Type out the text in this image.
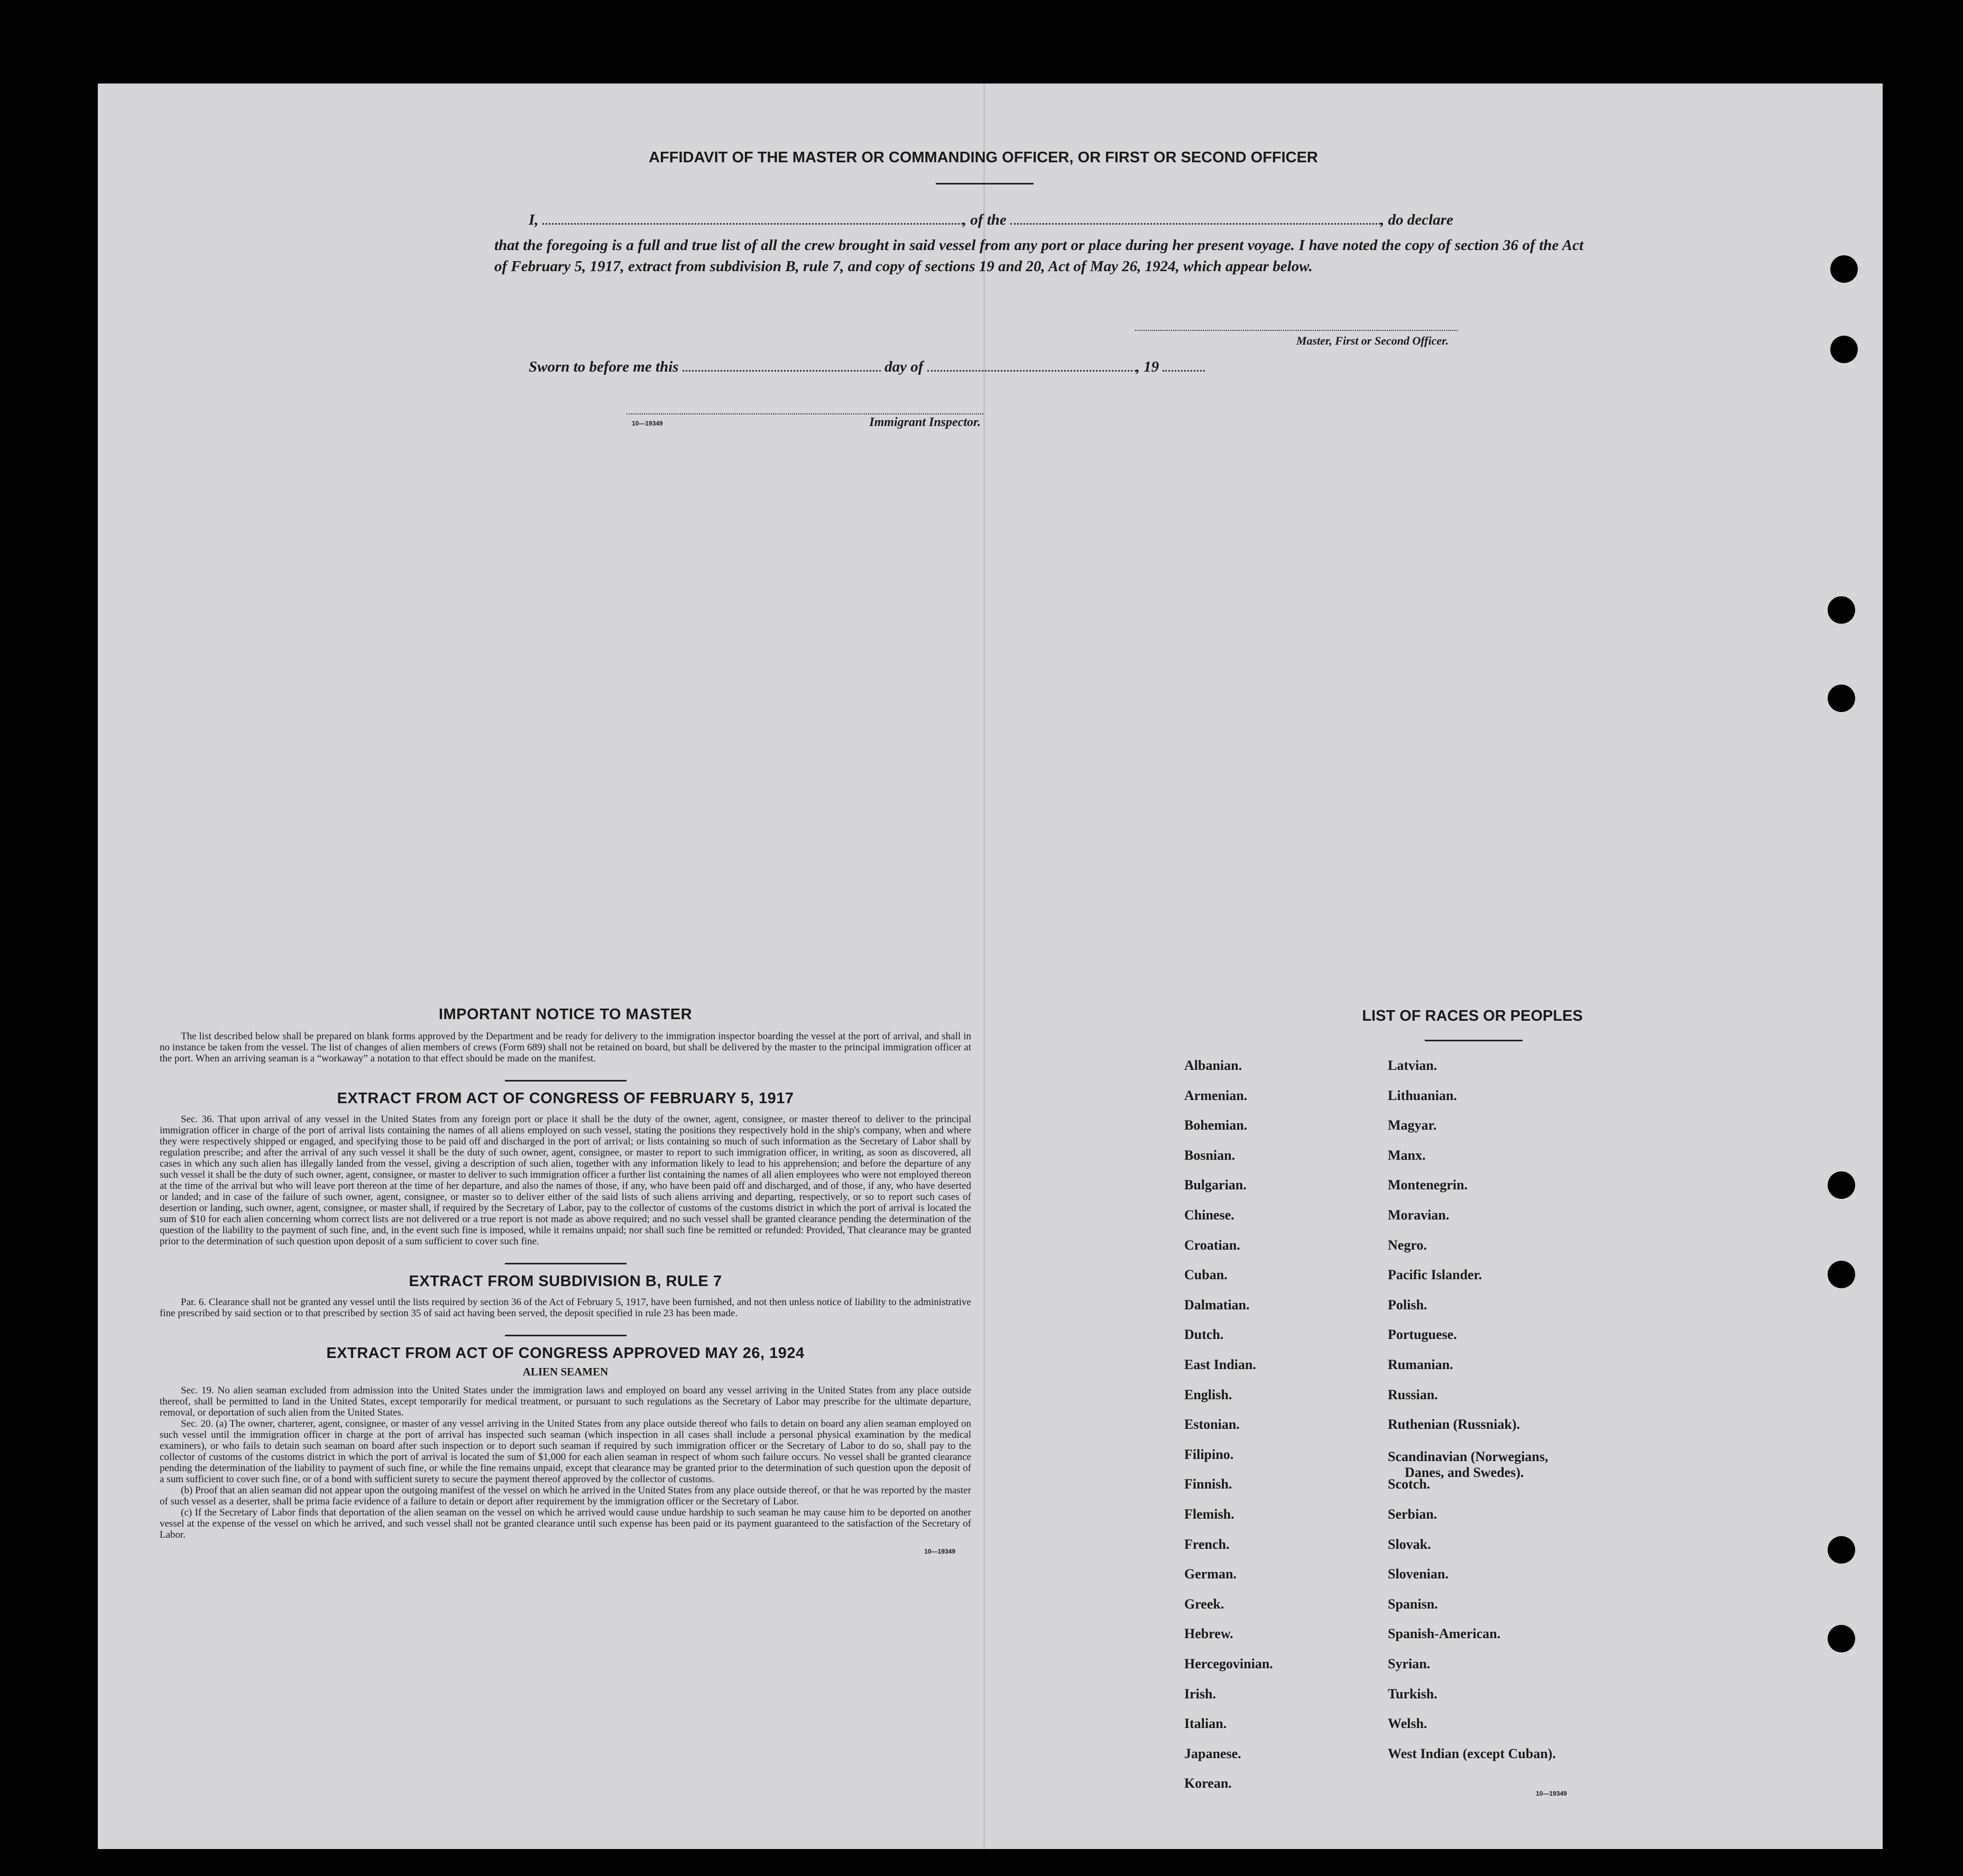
AFFIDAVIT OF THE MASTER OR COMMANDING OFFICER, OR FIRST OR SECOND OFFICER
I,	, of the	, do declare
that the foregoing is a full and true list of all the crew brought in said vessel from any port or place during her present voyage. I have noted the copy of section 36 of the Act of February 5, 1917, extract from subdivision B, rule 7, and copy of sections 19 and 20, Act of May 26, 1924, which appear below.
Master, First or Second Officer.
Sworn to before me this	day of	, 19
10—19349	Immigrant Inspector.
IMPORTANT NOTICE TO MASTER
The list described below shall be prepared on blank forms approved by the Department and be ready for delivery to the immigration inspector boarding the vessel at the port of arrival, and shall in no instance be taken from the vessel. The list of changes of alien members of crews (Form 689) shall not be retained on board, but shall be delivered by the master to the principal immigration officer at the port. When an arriving seaman is a “workaway” a notation to that effect should be made on the manifest.
EXTRACT FROM ACT OF CONGRESS OF FEBRUARY 5, 1917
Sec. 36. That upon arrival of any vessel in the United States from any foreign port or place it shall be the duty of the owner, agent, consignee, or master thereof to deliver to the principal immigration officer in charge of the port of arrival lists containing the names of all aliens employed on such vessel, stating the positions they respectively hold in the ship's company, when and where they were respectively shipped or engaged, and specifying those to be paid off and discharged in the port of arrival; or lists containing so much of such information as the Secretary of Labor shall by regulation prescribe; and after the arrival of any such vessel it shall be the duty of such owner, agent, consignee, or master to report to such immigration officer, in writing, as soon as discovered, all cases in which any such alien has illegally landed from the vessel, giving a description of such alien, together with any information likely to lead to his apprehension; and before the departure of any such vessel it shall be the duty of such owner, agent, consignee, or master to deliver to such immigration officer a further list containing the names of all alien employees who were not employed thereon at the time of the arrival but who will leave port thereon at the time of her departure, and also the names of those, if any, who have been paid off and discharged, and of those, if any, who have deserted or landed; and in case of the failure of such owner, agent, consignee, or master so to deliver either of the said lists of such aliens arriving and departing, respectively, or so to report such cases of desertion or landing, such owner, agent, consignee, or master shall, if required by the Secretary of Labor, pay to the collector of customs of the customs district in which the port of arrival is located the sum of $10 for each alien concerning whom correct lists are not delivered or a true report is not made as above required; and no such vessel shall be granted clearance pending the determination of the question of the liability to the payment of such fine, and, in the event such fine is imposed, while it remains unpaid; nor shall such fine be remitted or refunded: Provided, That clearance may be granted prior to the determination of such question upon deposit of a sum sufficient to cover such fine.
EXTRACT FROM SUBDIVISION B, RULE 7
Par. 6. Clearance shall not be granted any vessel until the lists required by section 36 of the Act of February 5, 1917, have been furnished, and not then unless notice of liability to the administrative fine prescribed by said section or to that prescribed by section 35 of said act having been served, the deposit specified in rule 23 has been made.
EXTRACT FROM ACT OF CONGRESS APPROVED MAY 26, 1924
ALIEN SEAMEN
Sec. 19. No alien seaman excluded from admission into the United States under the immigration laws and employed on board any vessel arriving in the United States from any place outside thereof, shall be permitted to land in the United States, except temporarily for medical treatment, or pursuant to such regulations as the Secretary of Labor may prescribe for the ultimate departure, removal, or deportation of such alien from the United States.
Sec. 20. (a) The owner, charterer, agent, consignee, or master of any vessel arriving in the United States from any place outside thereof who fails to detain on board any alien seaman employed on such vessel until the immigration officer in charge at the port of arrival has inspected such seaman (which inspection in all cases shall include a personal physical examination by the medical examiners), or who fails to detain such seaman on board after such inspection or to deport such seaman if required by such immigration officer or the Secretary of Labor to do so, shall pay to the collector of customs of the customs district in which the port of arrival is located the sum of $1,000 for each alien seaman in respect of whom such failure occurs. No vessel shall be granted clearance pending the determination of the liability to payment of such fine, or while the fine remains unpaid, except that clearance may be granted prior to the determination of such question upon the deposit of a sum sufficient to cover such fine, or of a bond with sufficient surety to secure the payment thereof approved by the collector of customs.
(b) Proof that an alien seaman did not appear upon the outgoing manifest of the vessel on which he arrived in the United States from any place outside thereof, or that he was reported by the master of such vessel as a deserter, shall be prima facie evidence of a failure to detain or deport after requirement by the immigration officer or the Secretary of Labor.
(c) If the Secretary of Labor finds that deportation of the alien seaman on the vessel on which he arrived would cause undue hardship to such seaman he may cause him to be deported on another vessel at the expense of the vessel on which he arrived, and such vessel shall not be granted clearance until such expense has been paid or its payment guaranteed to the satisfaction of the Secretary of Labor.
10—19349
LIST OF RACES OR PEOPLES
10—19349
Albanian.
Armenian.
Bohemian.
Bosnian.
Bulgarian.
Chinese.
Croatian.
Cuban.
Dalmatian.
Dutch.
East Indian.
English.
Estonian.
Filipino.
Finnish.
Flemish.
French.
German.
Greek.
Hebrew.
Hercegovinian.
Irish.
Italian.
Japanese.
Korean.
Latvian.
Lithuanian.
Magyar.
Manx.
Montenegrin.
Moravian.
Negro.
Pacific Islander.
Polish.
Portuguese.
Rumanian.
Russian.
Ruthenian (Russniak).
Scandinavian (Norwegians,
Danes, and Swedes).
Scotch.
Serbian.
Slovak.
Slovenian.
Spanisn.
Spanish-American.
Syrian.
Turkish.
Welsh.
West Indian (except Cuban).
